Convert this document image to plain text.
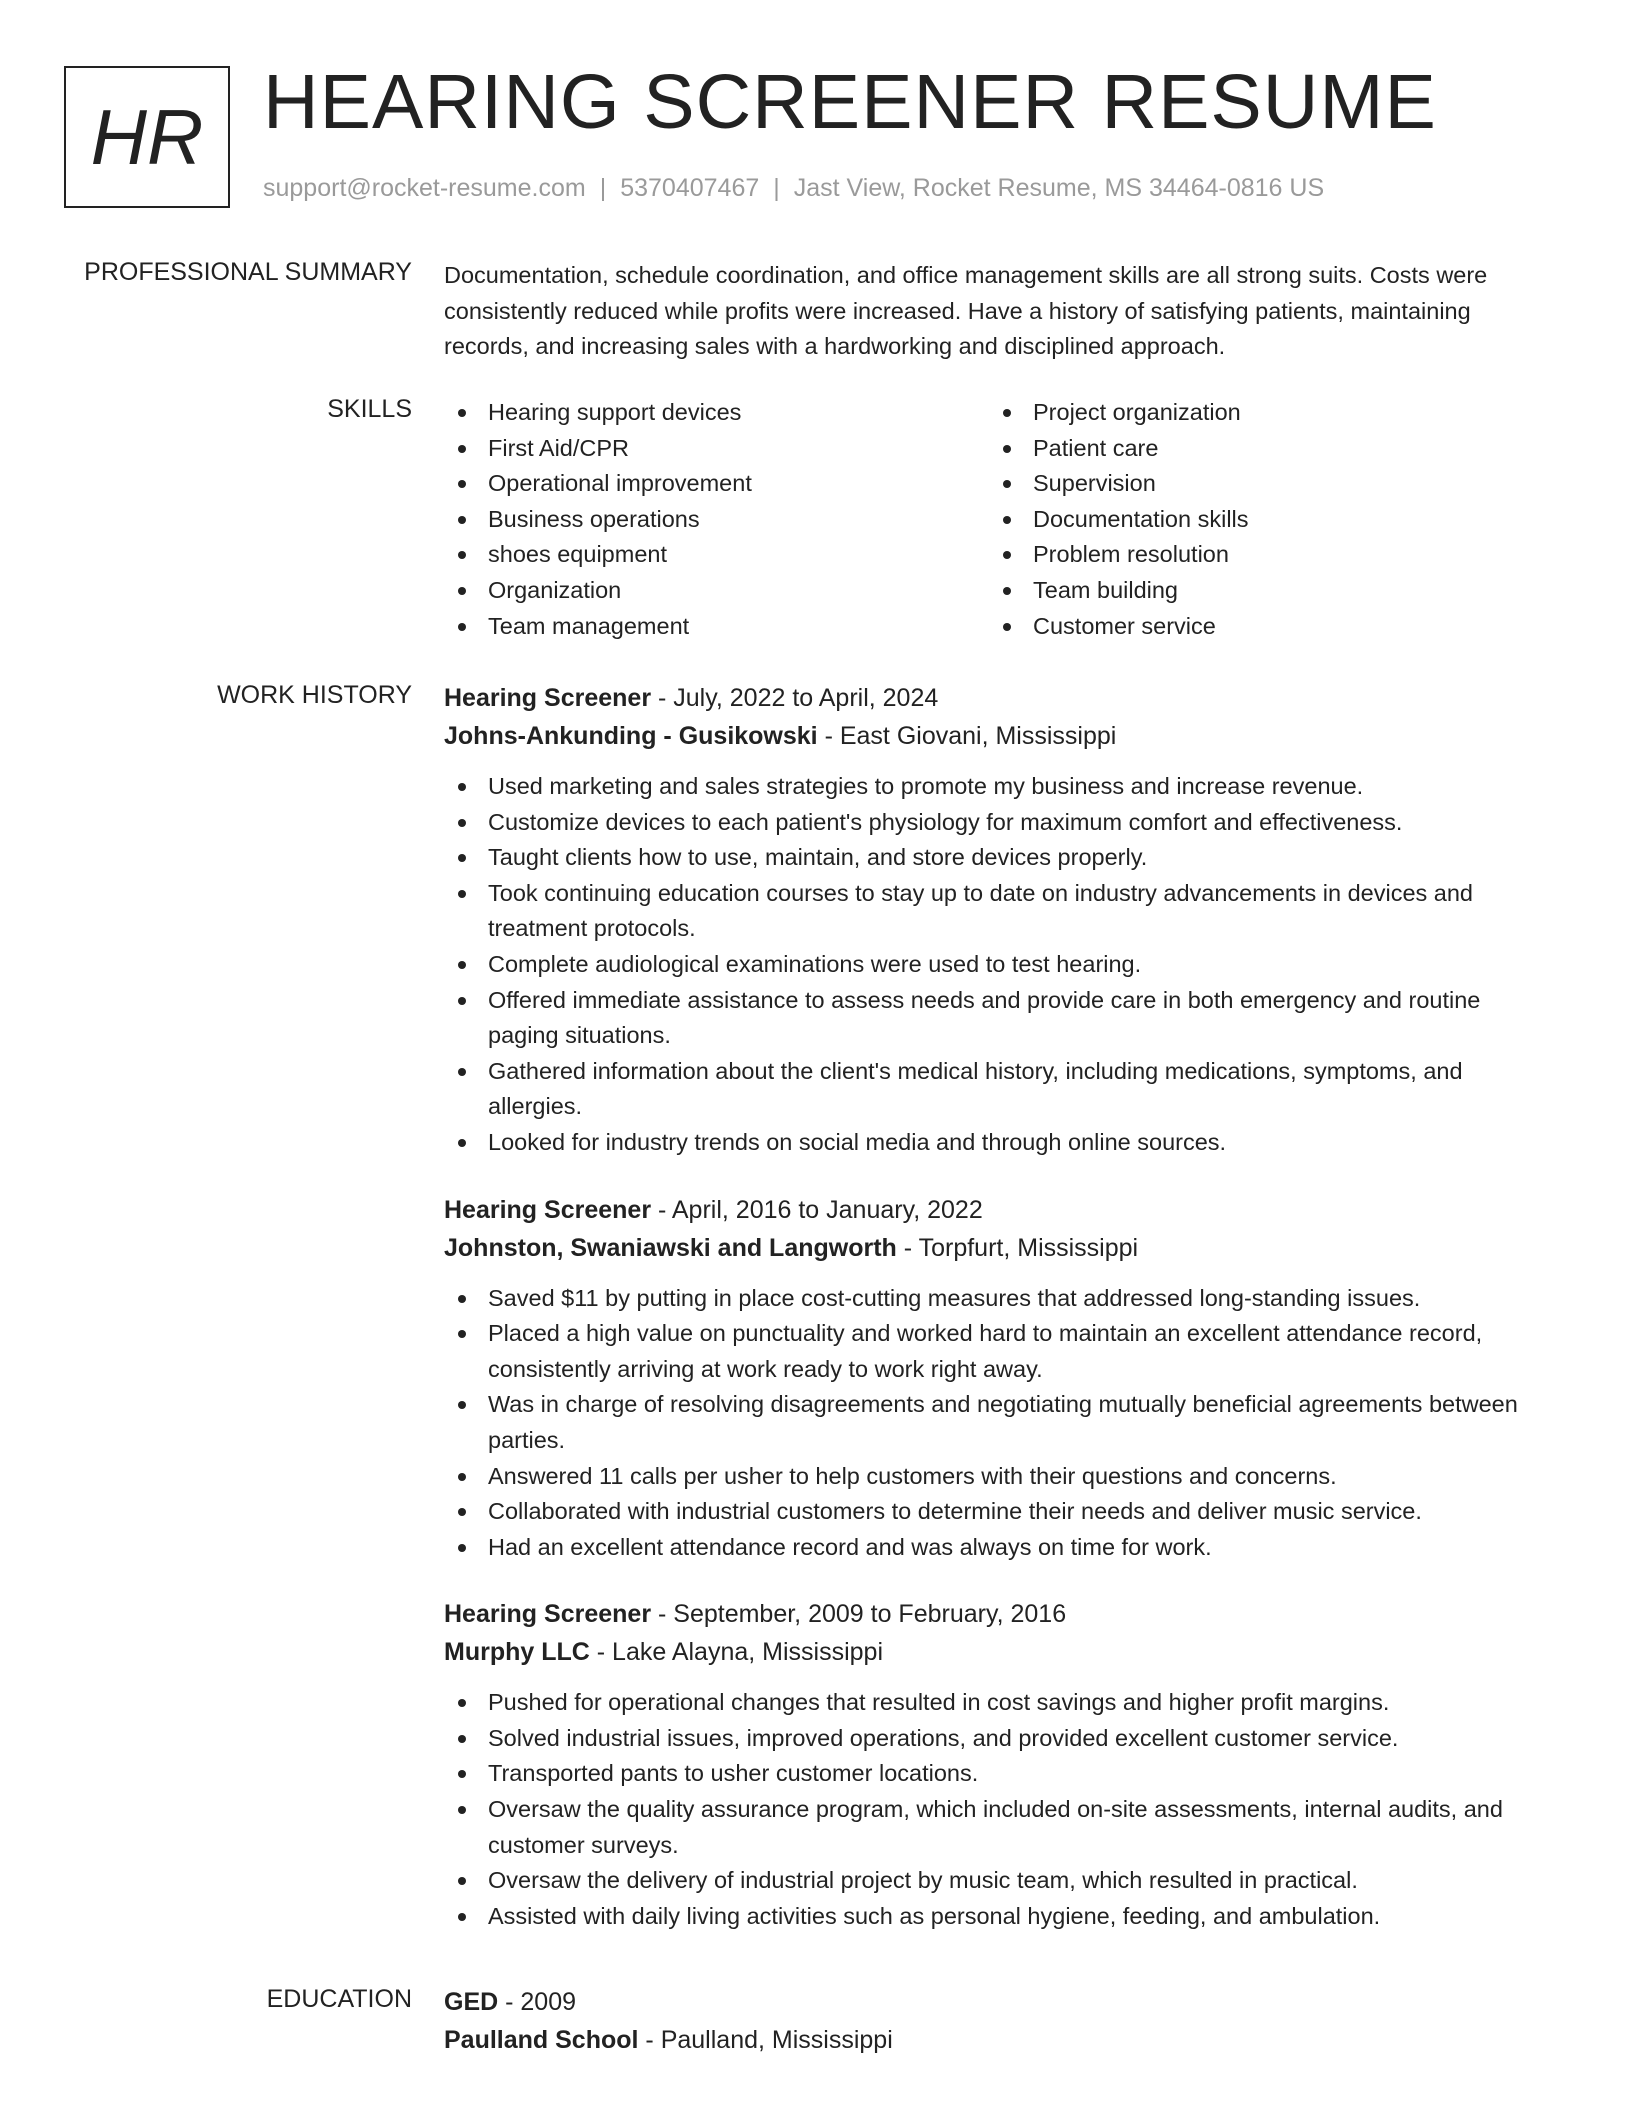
HR HEARING SCREENER RESUME
support@rocket-resume.com | 5370407467 | Jast View, Rocket Resume, MS 34464-0816 US
PROFESSIONAL SUMMARY Documentation, schedule coordination, and office management skills are all strong suits. Costs were consistently reduced while profits were increased. Have a history of satisfying patients, maintaining records, and increasing sales with a hardworking and disciplined approach.

SKILLS	Hearing support devices
First Aid/CPR
Operational improvement
Business operations
shoes equipment
Organization
Team management
Project organization
Patient care
Supervision
Documentation skills
Problem resolution
Team building
Customer service
WORK HISTORY Hearing Screener - July, 2022 to April, 2024
Johns-Ankunding - Gusikowski - East Giovani, Mississippi
Used marketing and sales strategies to promote my business and increase revenue.
Customize devices to each patient's physiology for maximum comfort and effectiveness.
Taught clients how to use, maintain, and store devices properly.
Took continuing education courses to stay up to date on industry advancements in devices and treatment protocols.
Complete audiological examinations were used to test hearing.
Offered immediate assistance to assess needs and provide care in both emergency and routine paging situations.
Gathered information about the client's medical history, including medications, symptoms, and allergies.
Looked for industry trends on social media and through online sources.
Hearing Screener - April, 2016 to January, 2022
Johnston, Swaniawski and Langworth - Torpfurt, Mississippi
Saved $11 by putting in place cost-cutting measures that addressed long-standing issues.
Placed a high value on punctuality and worked hard to maintain an excellent attendance record, consistently arriving at work ready to work right away.
Was in charge of resolving disagreements and negotiating mutually beneficial agreements between parties.
Answered 11 calls per usher to help customers with their questions and concerns.
Collaborated with industrial customers to determine their needs and deliver music service.
Had an excellent attendance record and was always on time for work.
Hearing Screener - September, 2009 to February, 2016
Murphy LLC - Lake Alayna, Mississippi
Pushed for operational changes that resulted in cost savings and higher profit margins.
Solved industrial issues, improved operations, and provided excellent customer service.
Transported pants to usher customer locations.
Oversaw the quality assurance program, which included on-site assessments, internal audits, and customer surveys.
Oversaw the delivery of industrial project by music team, which resulted in practical.
Assisted with daily living activities such as personal hygiene, feeding, and ambulation.
EDUCATION GED - 2009
Paulland School - Paulland, Mississippi
